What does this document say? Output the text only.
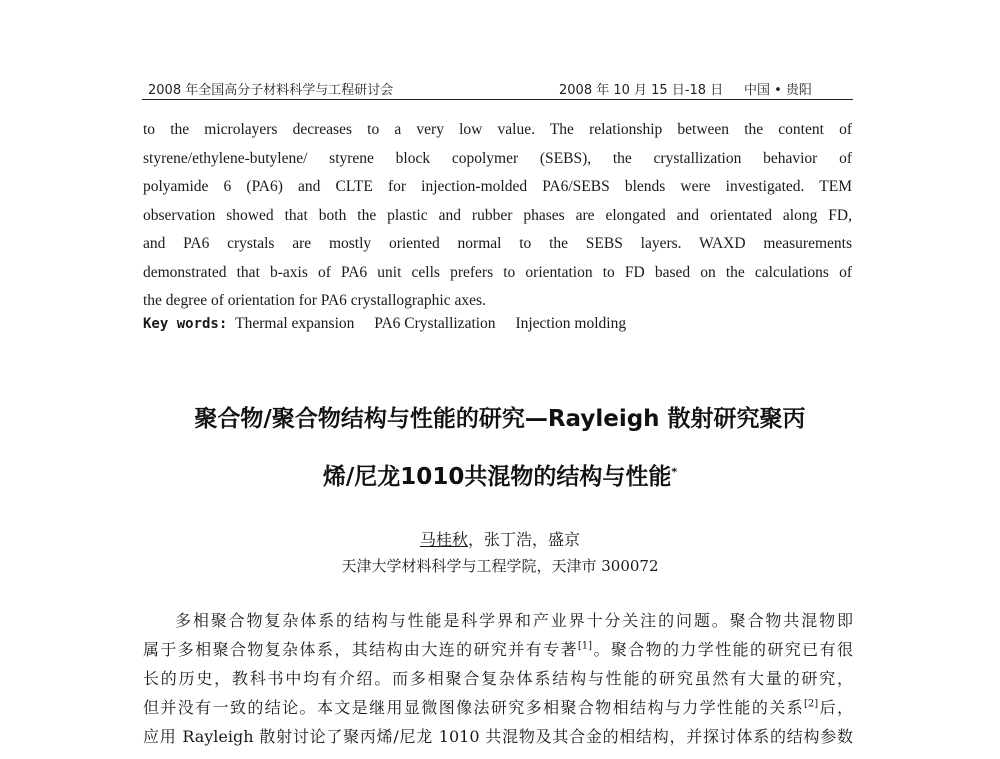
2008 年全国高分子材料科学与工程研讨会	2008 年 10 月 15 日-18 日 中国 • 贵阳
to the microlayers decreases to a very low value. The relationship between the content of
styrene/ethylene-butylene/ styrene block copolymer (SEBS), the crystallization behavior of
polyamide 6 (PA6) and CLTE for injection-molded PA6/SEBS blends were investigated. TEM
observation showed that both the plastic and rubber phases are elongated and orientated along FD,
and PA6 crystals are mostly oriented normal to the SEBS layers. WAXD measurements
demonstrated that b-axis of PA6 unit cells prefers to orientation to FD based on the calculations of
the degree of orientation for PA6 crystallographic axes.
Key words: Thermal expansion PA6 Crystallization Injection molding
聚合物/聚合物结构与性能的研究—Rayleigh 散射研究聚丙
烯/尼龙1010共混物的结构与性能*
马桂秋，张丁浩，盛京
天津大学材料科学与工程学院，天津市 300072
多相聚合物复杂体系的结构与性能是科学界和产业界十分关注的问题。聚合物共混物即
属于多相聚合物复杂体系，其结构由大连的研究并有专著[1]。聚合物的力学性能的研究已有很
长的历史，教科书中均有介绍。而多相聚合复杂体系结构与性能的研究虽然有大量的研究，
但并没有一致的结论。本文是继用显微图像法研究多相聚合物相结构与力学性能的关系[2]后，
应用 Rayleigh 散射讨论了聚丙烯/尼龙 1010 共混物及其合金的相结构，并探讨体系的结构参数
